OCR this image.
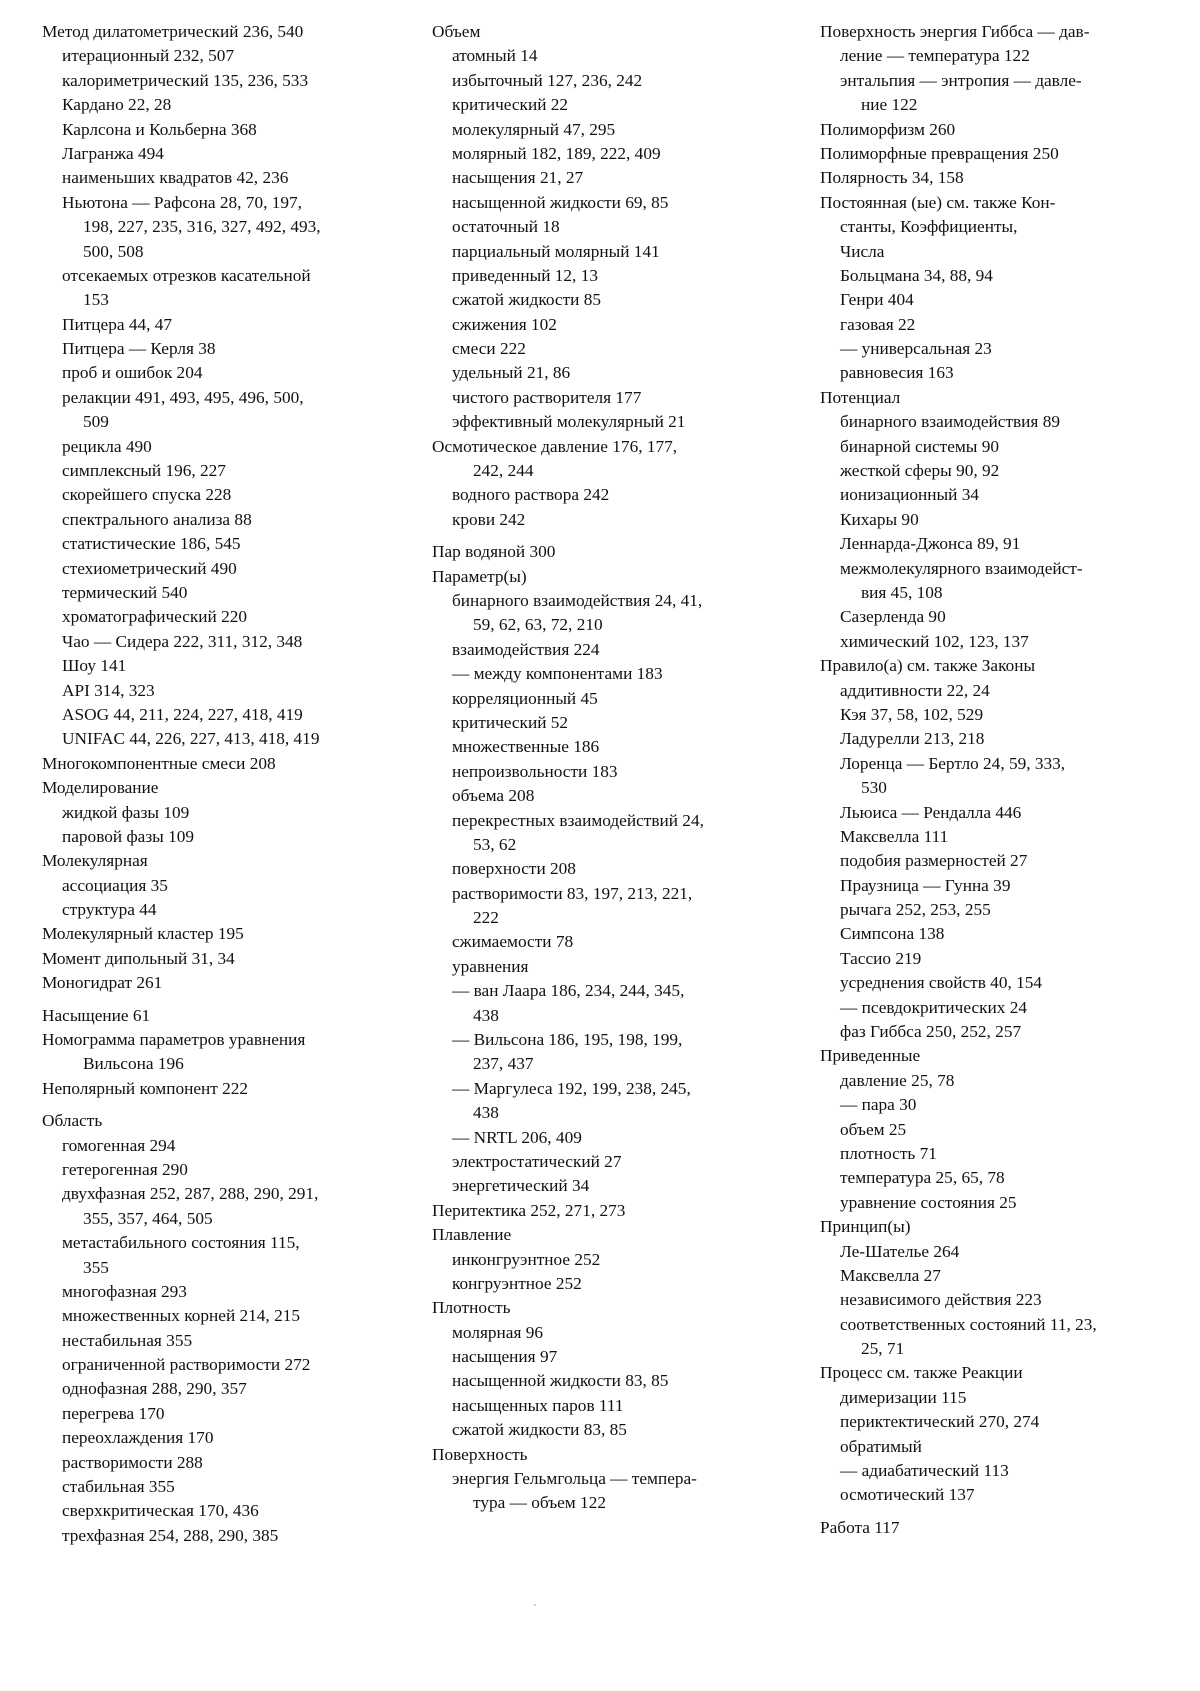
Метод дилатометрический 236, 540
итерационный 232, 507
калориметрический 135, 236, 533
Кардано 22, 28
Карлсона и Кольберна 368
Лагранжа 494
наименьших квадратов 42, 236
Ньютона — Рафсона 28, 70, 197,
198, 227, 235, 316, 327, 492, 493,
500, 508
отсекаемых отрезков касательной
153
Питцера 44, 47
Питцера — Керля 38
проб и ошибок 204
релакции 491, 493, 495, 496, 500,
509
рецикла 490
симплексный 196, 227
скорейшего спуска 228
спектрального анализа 88
статистические 186, 545
стехиометрический 490
термический 540
хроматографический 220
Чао — Сидера 222, 311, 312, 348
Шоу 141
API 314, 323
ASOG 44, 211, 224, 227, 418, 419
UNIFAC 44, 226, 227, 413, 418, 419
Многокомпонентные смеси 208
Моделирование
жидкой фазы 109
паровой фазы 109
Молекулярная
ассоциация 35
структура 44
Молекулярный кластер 195
Момент дипольный 31, 34
Моногидрат 261
Насыщение 61
Номограмма параметров уравнения
Вильсона 196
Неполярный компонент 222
Область
гомогенная 294
гетерогенная 290
двухфазная 252, 287, 288, 290, 291,
355, 357, 464, 505
метастабильного состояния 115,
355
многофазная 293
множественных корней 214, 215
нестабильная 355
ограниченной растворимости 272
однофазная 288, 290, 357
перегрева 170
переохлаждения 170
растворимости 288
стабильная 355
сверхкритическая 170, 436
трехфазная 254, 288, 290, 385
Объем
атомный 14
избыточный 127, 236, 242
критический 22
молекулярный 47, 295
молярный 182, 189, 222, 409
насыщения 21, 27
насыщенной жидкости 69, 85
остаточный 18
парциальный молярный 141
приведенный 12, 13
сжатой жидкости 85
сжижения 102
смеси 222
удельный 21, 86
чистого растворителя 177
эффективный молекулярный 21
Осмотическое давление 176, 177,
242, 244
водного раствора 242
крови 242
Пар водяной 300
Параметр(ы)
бинарного взаимодействия 24, 41,
59, 62, 63, 72, 210
взаимодействия 224
— между компонентами 183
корреляционный 45
критический 52
множественные 186
непроизвольности 183
объема 208
перекрестных взаимодействий 24,
53, 62
поверхности 208
растворимости 83, 197, 213, 221,
222
сжимаемости 78
уравнения
— ван Лаара 186, 234, 244, 345,
438
— Вильсона 186, 195, 198, 199,
237, 437
— Маргулеса 192, 199, 238, 245,
438
— NRTL 206, 409
электростатический 27
энергетический 34
Перитектика 252, 271, 273
Плавление
инконгруэнтное 252
конгруэнтное 252
Плотность
молярная 96
насыщения 97
насыщенной жидкости 83, 85
насыщенных паров 111
сжатой жидкости 83, 85
Поверхность
энергия Гельмгольца — темпера-
тура — объем 122
Поверхность энергия Гиббса — дав-
ление — температура 122
энтальпия — энтропия — давле-
ние 122
Полиморфизм 260
Полиморфные превращения 250
Полярность 34, 158
Постоянная (ые) см. также Кон-
станты, Коэффициенты,
Числа
Больцмана 34, 88, 94
Генри 404
газовая 22
— универсальная 23
равновесия 163
Потенциал
бинарного взаимодействия 89
бинарной системы 90
жесткой сферы 90, 92
ионизационный 34
Кихары 90
Леннарда-Джонса 89, 91
межмолекулярного взаимодейст-
вия 45, 108
Сазерленда 90
химический 102, 123, 137
Правило(а) см. также Законы
аддитивности 22, 24
Кэя 37, 58, 102, 529
Ладурелли 213, 218
Лоренца — Бертло 24, 59, 333,
530
Льюиса — Рендалла 446
Максвелла 111
подобия размерностей 27
Праузница — Гунна 39
рычага 252, 253, 255
Симпсона 138
Тассио 219
усреднения свойств 40, 154
— псевдокритических 24
фаз Гиббса 250, 252, 257
Приведенные
давление 25, 78
— пара 30
объем 25
плотность 71
температура 25, 65, 78
уравнение состояния 25
Принцип(ы)
Ле-Шателье 264
Максвелла 27
независимого действия 223
соответственных состояний 11, 23,
25, 71
Процесс см. также Реакции
димеризации 115
периктектический 270, 274
обратимый
— адиабатический 113
осмотический 137
Работа 117
